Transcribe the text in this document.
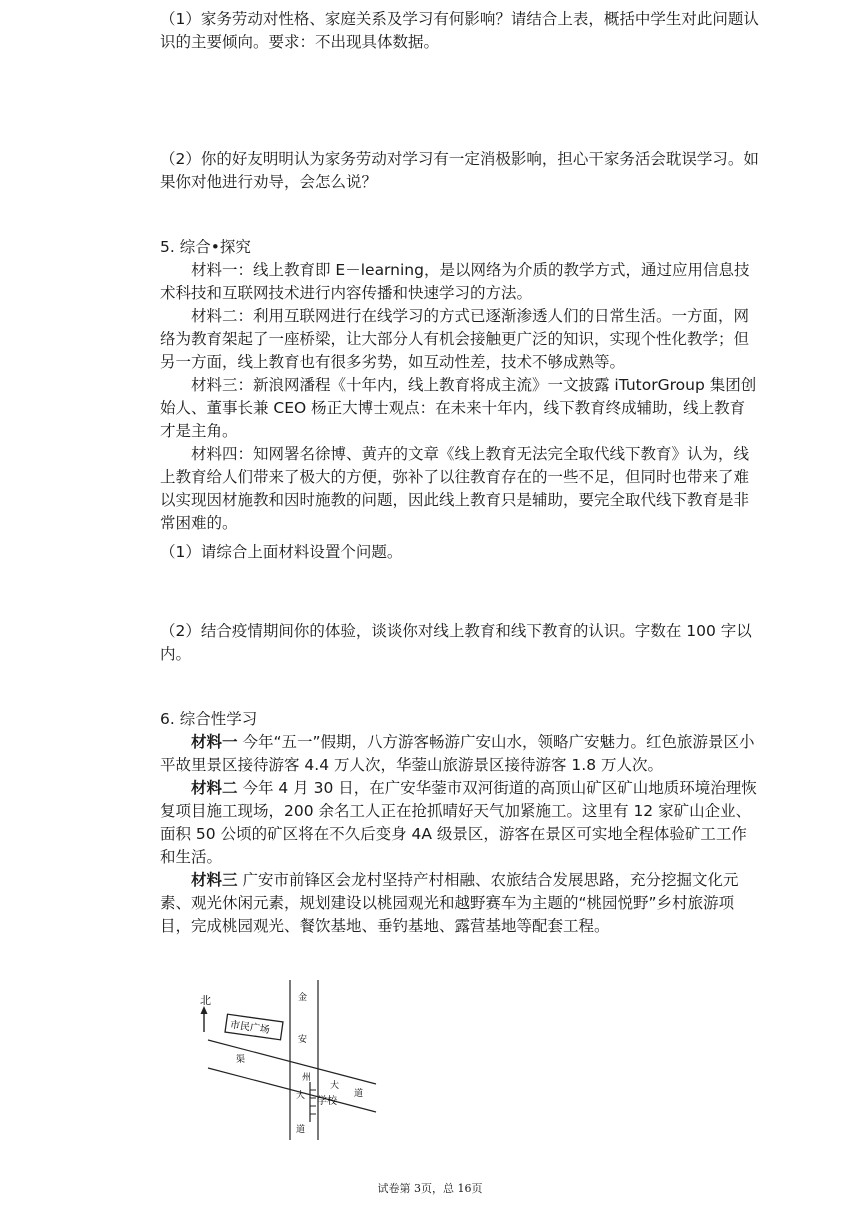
（1）家务劳动对性格、家庭关系及学习有何影响？请结合上表，概括中学生对此问题认识的主要倾向。要求：不出现具体数据。

（2）你的好友明明认为家务劳动对学习有一定消极影响，担心干家务活会耽误学习。如果你对他进行劝导，会怎么说？

5. 综合•探究

材料一：线上教育即 E－learning，是以网络为介质的教学方式，通过应用信息技术科技和互联网技术进行内容传播和快速学习的方法。

材料二：利用互联网进行在线学习的方式已逐渐渗透人们的日常生活。一方面，网络为教育架起了一座桥梁，让大部分人有机会接触更广泛的知识，实现个性化教学；但另一方面，线上教育也有很多劣势，如互动性差，技术不够成熟等。

材料三：新浪网潘程《十年内，线上教育将成主流》一文披露 iTutorGroup 集团创始人、董事长兼 CEO 杨正大博士观点：在未来十年内，线下教育终成辅助，线上教育才是主角。

材料四：知网署名徐博、黄卉的文章《线上教育无法完全取代线下教育》认为，线上教育给人们带来了极大的方便，弥补了以往教育存在的一些不足，但同时也带来了难以实现因材施教和因时施教的问题，因此线上教育只是辅助，要完全取代线下教育是非常困难的。

（1）请综合上面材料设置个问题。

（2）结合疫情期间你的体验，谈谈你对线上教育和线下教育的认识。字数在 100 字以内。

6. 综合性学习

材料一 今年“五一”假期，八方游客畅游广安山水，领略广安魅力。红色旅游景区小平故里景区接待游客 4.4 万人次，华蓥山旅游景区接待游客 1.8 万人次。

材料二 今年 4 月 30 日，在广安华蓥市双河街道的高顶山矿区矿山地质环境治理恢复项目施工现场，200 余名工人正在抢抓晴好天气加紧施工。这里有 12 家矿山企业、面积 50 公顷的矿区将在不久后变身 4A 级景区，游客在景区可实地全程体验矿工工作和生活。

材料三 广安市前锋区会龙村坚持产村相融、农旅结合发展思路，充分挖掘文化元素、观光休闲元素，规划建设以桃园观光和越野赛车为主题的“桃园悦野”乡村旅游项目，完成桃园观光、餐饮基地、垂钓基地、露营基地等配套工程。

北	金
安
大
道
渠
州
大
道
市民广场
学校
试卷第 3页，总 16页
